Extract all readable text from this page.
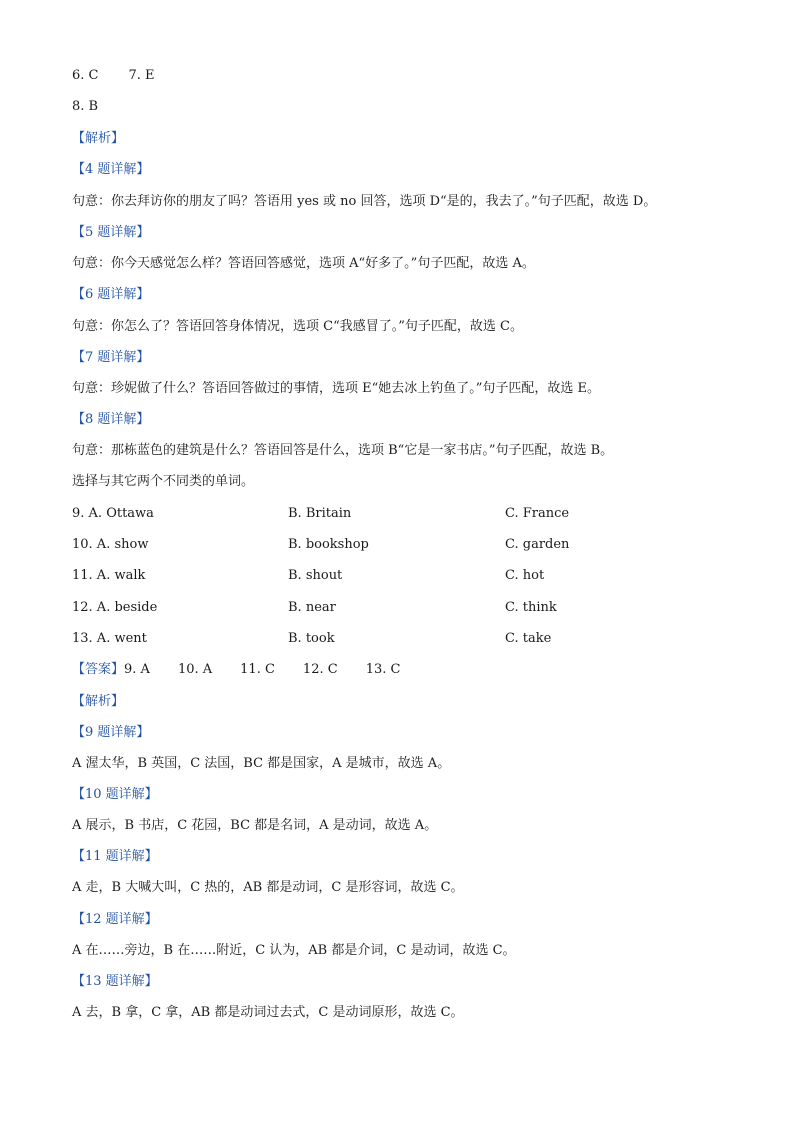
6. C 7. E
8. B
【解析】
【4 题详解】
句意：你去拜访你的朋友了吗？答语用 yes 或 no 回答，选项 D“是的，我去了。”句子匹配，故选 D。
【5 题详解】
句意：你今天感觉怎么样？答语回答感觉，选项 A“好多了。”句子匹配，故选 A。
【6 题详解】
句意：你怎么了？答语回答身体情况，选项 C“我感冒了。”句子匹配，故选 C。
【7 题详解】
句意：珍妮做了什么？答语回答做过的事情，选项 E“她去冰上钓鱼了。”句子匹配，故选 E。
【8 题详解】
句意：那栋蓝色的建筑是什么？答语回答是什么，选项 B“它是一家书店。”句子匹配，故选 B。
选择与其它两个不同类的单词。
9. A. Ottawa	B. Britain	C. France
10. A. show	B. bookshop	C. garden
11. A. walk	B. shout	C. hot
12. A. beside	B. near	C. think
13. A. went	B. took	C. take
【答案】9. A 10. A 11. C 12. C 13. C
【解析】
【9 题详解】
A 渥太华，B 英国，C 法国，BC 都是国家，A 是城市，故选 A。
【10 题详解】
A 展示，B 书店，C 花园，BC 都是名词，A 是动词，故选 A。
【11 题详解】
A 走，B 大喊大叫，C 热的，AB 都是动词，C 是形容词，故选 C。
【12 题详解】
A 在……旁边，B 在……附近，C 认为，AB 都是介词，C 是动词，故选 C。
【13 题详解】
A 去，B 拿，C 拿，AB 都是动词过去式，C 是动词原形，故选 C。
